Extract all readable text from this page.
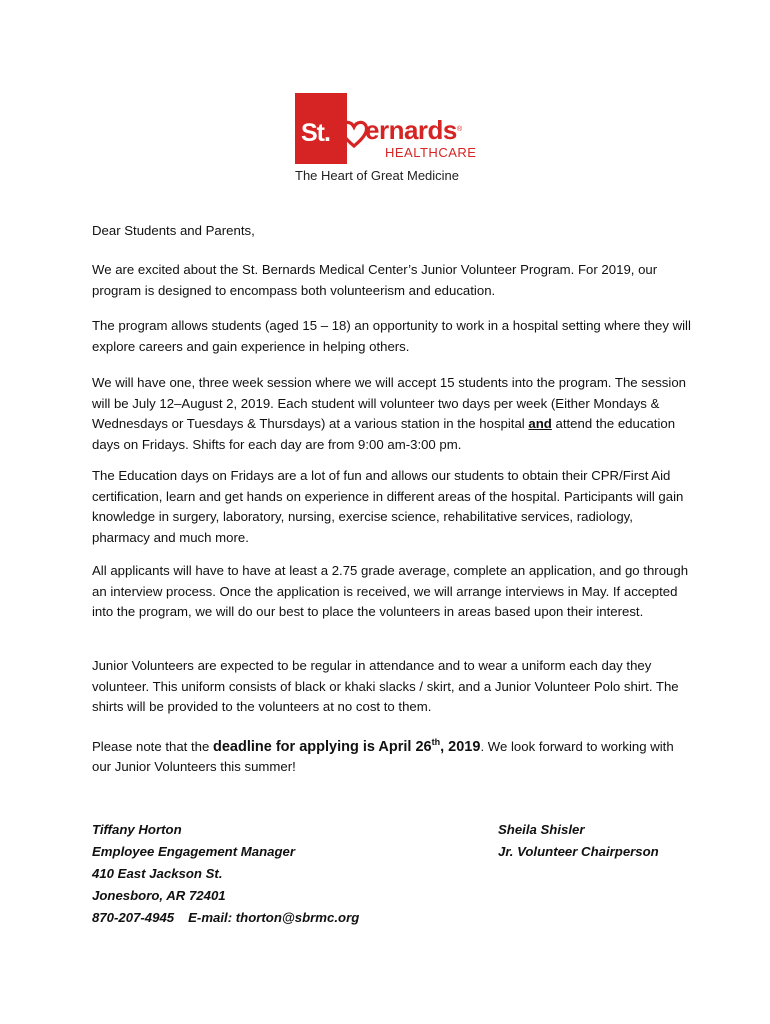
St. ernards ®
HEALTHCARE
The Heart of Great Medicine

Dear Students and Parents,

We are excited about the St. Bernards Medical Center’s Junior Volunteer Program. For 2019, our program is designed to encompass both volunteerism and education.

The program allows students (aged 15 – 18) an opportunity to work in a hospital setting where they will explore careers and gain experience in helping others.

We will have one, three week session where we will accept 15 students into the program. The session will be July 12–August 2, 2019. Each student will volunteer two days per week (Either Mondays & Wednesdays or Tuesdays & Thursdays) at a various station in the hospital and attend the education days on Fridays. Shifts for each day are from 9:00 am-3:00 pm.

The Education days on Fridays are a lot of fun and allows our students to obtain their CPR/First Aid certification, learn and get hands on experience in different areas of the hospital. Participants will gain knowledge in surgery, laboratory, nursing, exercise science, rehabilitative services, radiology, pharmacy and much more.

All applicants will have to have at least a 2.75 grade average, complete an application, and go through an interview process. Once the application is received, we will arrange interviews in May. If accepted into the program, we will do our best to place the volunteers in areas based upon their interest.

Junior Volunteers are expected to be regular in attendance and to wear a uniform each day they volunteer. This uniform consists of black or khaki slacks / skirt, and a Junior Volunteer Polo shirt. The shirts will be provided to the volunteers at no cost to them.

Please note that the deadline for applying is April 26th, 2019. We look forward to working with our Junior Volunteers this summer!

Tiffany Horton

Employee Engagement Manager

410 East Jackson St.

Jonesboro, AR 72401

870-207-4945 E-mail: thorton@sbrmc.org

Sheila Shisler

Jr. Volunteer Chairperson
